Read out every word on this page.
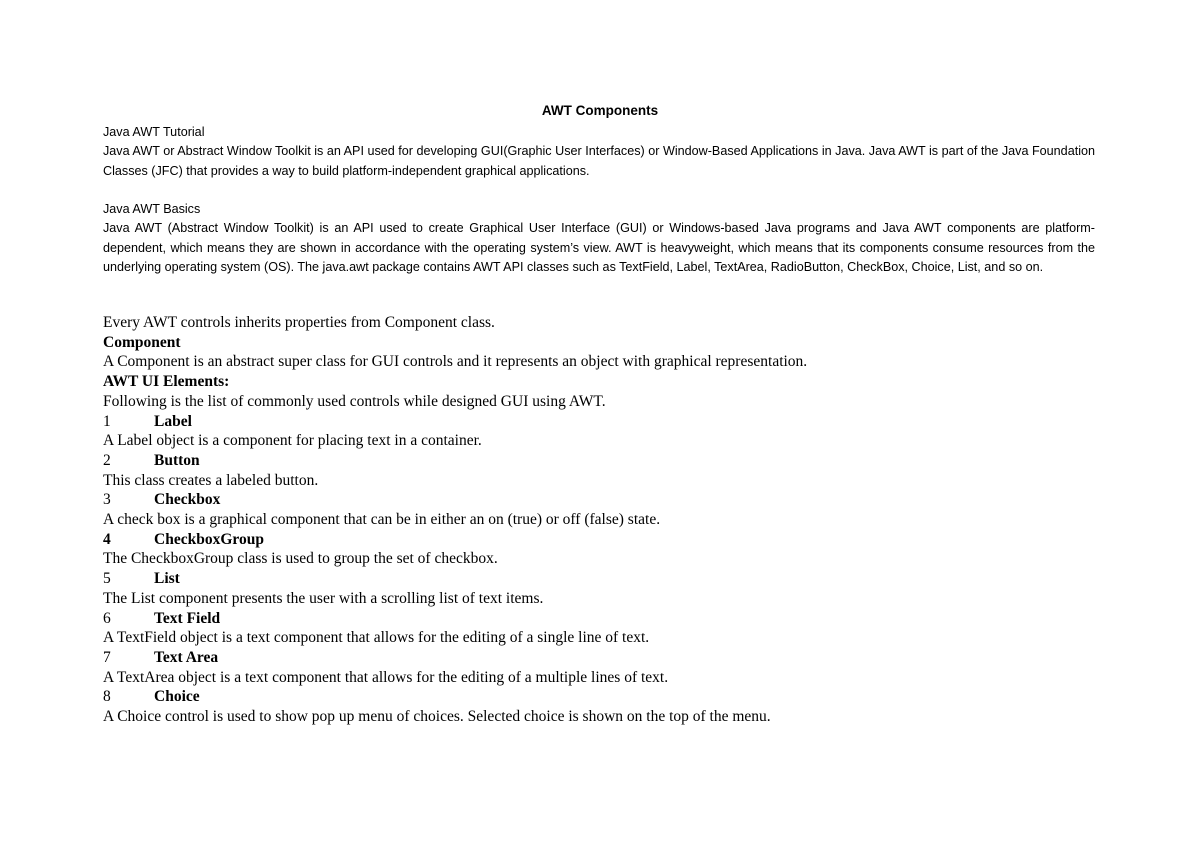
AWT Components
Java AWT Tutorial
Java AWT or Abstract Window Toolkit is an API used for developing GUI(Graphic User Interfaces) or Window-Based Applications in Java. Java AWT is part of the Java Foundation Classes (JFC) that provides a way to build platform-independent graphical applications.
Java AWT Basics
Java AWT (Abstract Window Toolkit) is an API used to create Graphical User Interface (GUI) or Windows-based Java programs and Java AWT components are platform-dependent, which means they are shown in accordance with the operating system’s view. AWT is heavyweight, which means that its components consume resources from the underlying operating system (OS). The java.awt package contains AWT API classes such as TextField, Label, TextArea, RadioButton, CheckBox, Choice, List, and so on.
Every AWT controls inherits properties from Component class.
Component
A Component is an abstract super class for GUI controls and it represents an object with graphical representation.
AWT UI Elements:
Following is the list of commonly used controls while designed GUI using AWT.
1	Label
A Label object is a component for placing text in a container.
2	Button
This class creates a labeled button.
3	Checkbox
A check box is a graphical component that can be in either an on (true) or off (false) state.
4	CheckboxGroup
The CheckboxGroup class is used to group the set of checkbox.
5	List
The List component presents the user with a scrolling list of text items.
6	Text Field
A TextField object is a text component that allows for the editing of a single line of text.
7	Text Area
A TextArea object is a text component that allows for the editing of a multiple lines of text.
8	Choice
A Choice control is used to show pop up menu of choices. Selected choice is shown on the top of the menu.
